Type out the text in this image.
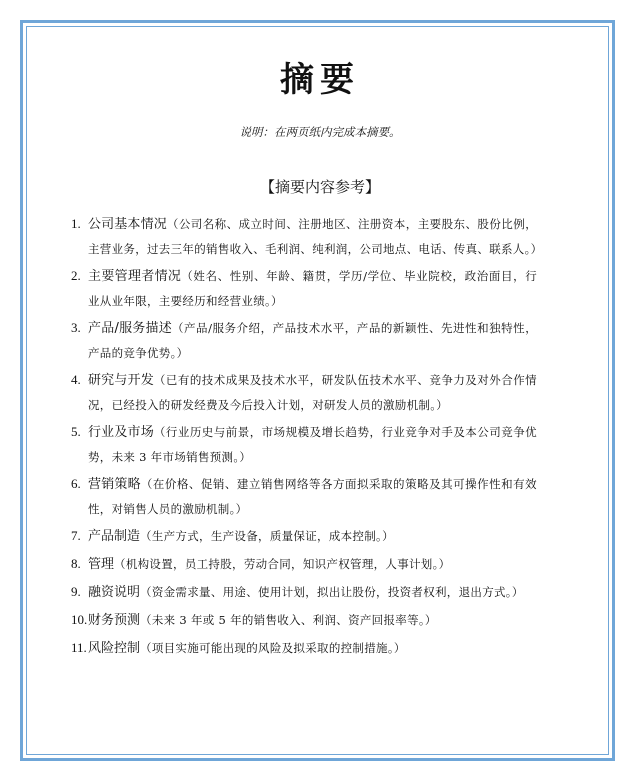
摘要
说明：在两页纸内完成本摘要。
【摘要内容参考】
1. 公司基本情况（公司名称、成立时间、注册地区、注册资本，主要股东、股份比例，主营业务，过去三年的销售收入、毛利润、纯利润，公司地点、电话、传真、联系人。）
2. 主要管理者情况（姓名、性别、年龄、籍贯，学历/学位、毕业院校，政治面目，行业从业年限，主要经历和经营业绩。）
3. 产品/服务描述（产品/服务介绍，产品技术水平，产品的新颖性、先进性和独特性，产品的竞争优势。）
4. 研究与开发（已有的技术成果及技术水平，研发队伍技术水平、竞争力及对外合作情况，已经投入的研发经费及今后投入计划，对研发人员的激励机制。）
5. 行业及市场（行业历史与前景，市场规模及增长趋势，行业竞争对手及本公司竞争优势，未来 3 年市场销售预测。）
6. 营销策略（在价格、促销、建立销售网络等各方面拟采取的策略及其可操作性和有效性，对销售人员的激励机制。）
7. 产品制造（生产方式，生产设备，质量保证，成本控制。）
8. 管理（机构设置，员工持股，劳动合同，知识产权管理，人事计划。）
9. 融资说明（资金需求量、用途、使用计划，拟出让股份，投资者权利，退出方式。）
10. 财务预测（未来 3 年或 5 年的销售收入、利润、资产回报率等。）
11. 风险控制（项目实施可能出现的风险及拟采取的控制措施。）
